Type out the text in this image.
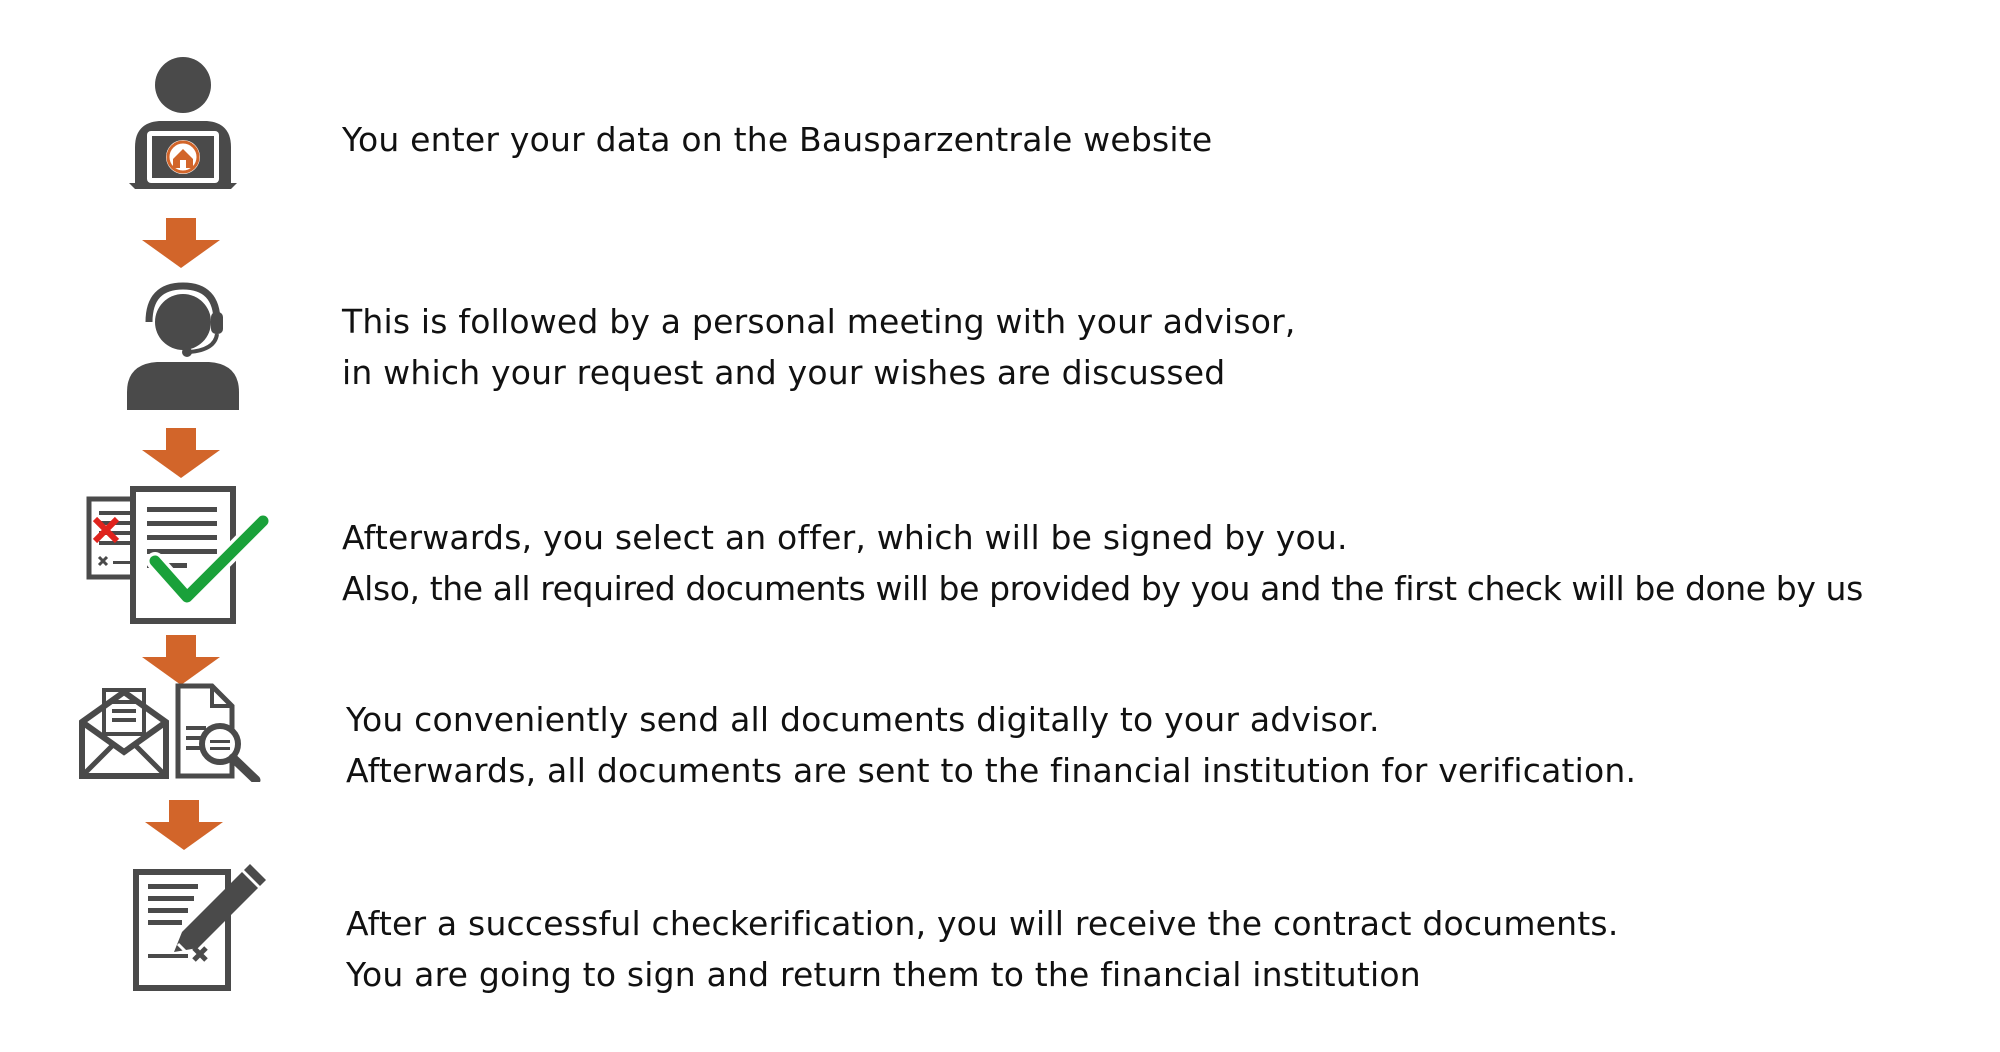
You enter your data on the Bausparzentrale website
This is followed by a personal meeting with your advisor,
in which your request and your wishes are discussed
Afterwards, you select an offer, which will be signed by you.
Also, the all required documents will be provided by you and the first check will be done by us
You conveniently send all documents digitally to your advisor.
Afterwards, all documents are sent to the financial institution for verification.
After a successful checkerification, you will receive the contract documents.
You are going to sign and return them to the financial institution
